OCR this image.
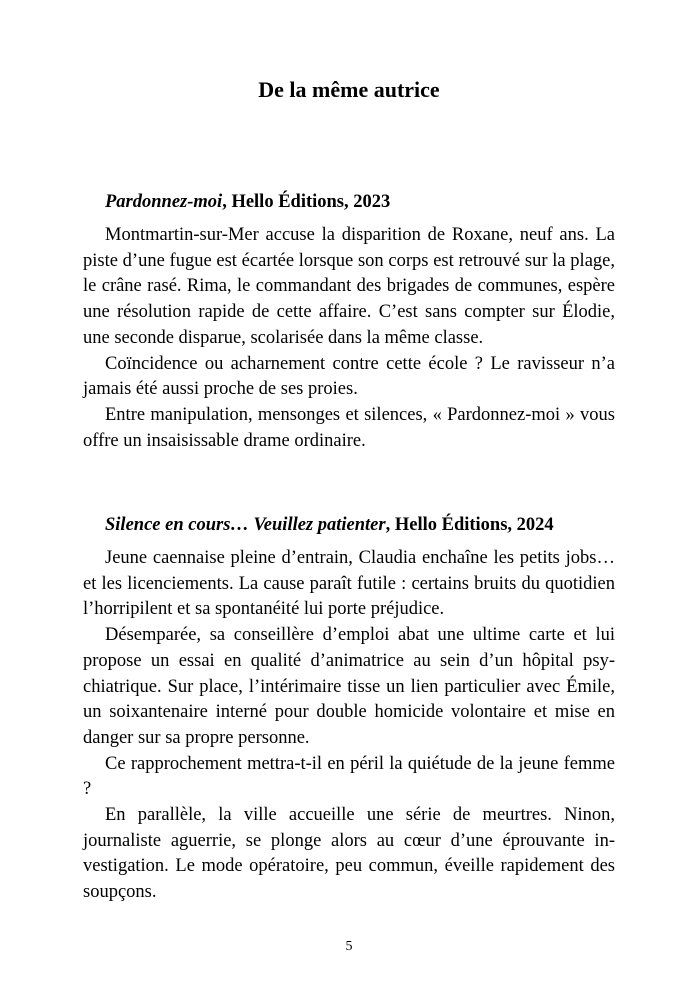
De la même autrice
Pardonnez-moi, Hello Éditions, 2023

Montmartin-sur-Mer accuse la disparition de Roxane, neuf ans. La piste d’une fugue est écartée lorsque son corps est retrouvé sur la plage, le crâne rasé. Rima, le commandant des brigades de communes, espère une résolution rapide de cette affaire. C’est sans compter sur Élodie, une seconde disparue, scolarisée dans la même classe.

Coïncidence ou acharnement contre cette école ? Le ravisseur n’a jamais été aussi proche de ses proies.

Entre manipulation, mensonges et silences, « Pardonnez-moi » vous offre un insaisissable drame ordinaire.

Silence en cours… Veuillez patienter, Hello Éditions, 2024

Jeune caennaise pleine d’entrain, Claudia enchaîne les petits jobs… et les licenciements. La cause paraît futile : certains bruits du quotidien l’horripilent et sa spontanéité lui porte préjudice.

Désemparée, sa conseillère d’emploi abat une ultime carte et lui propose un essai en qualité d’animatrice au sein d’un hôpital psychiatrique. Sur place, l’intérimaire tisse un lien particulier avec Émile, un soixantenaire interné pour double homicide volontaire et mise en danger sur sa propre personne.

Ce rapprochement mettra-t-il en péril la quiétude de la jeune femme ?

En parallèle, la ville accueille une série de meurtres. Ninon, journaliste aguerrie, se plonge alors au cœur d’une éprouvante investigation. Le mode opératoire, peu commun, éveille rapidement des soupçons.

5
